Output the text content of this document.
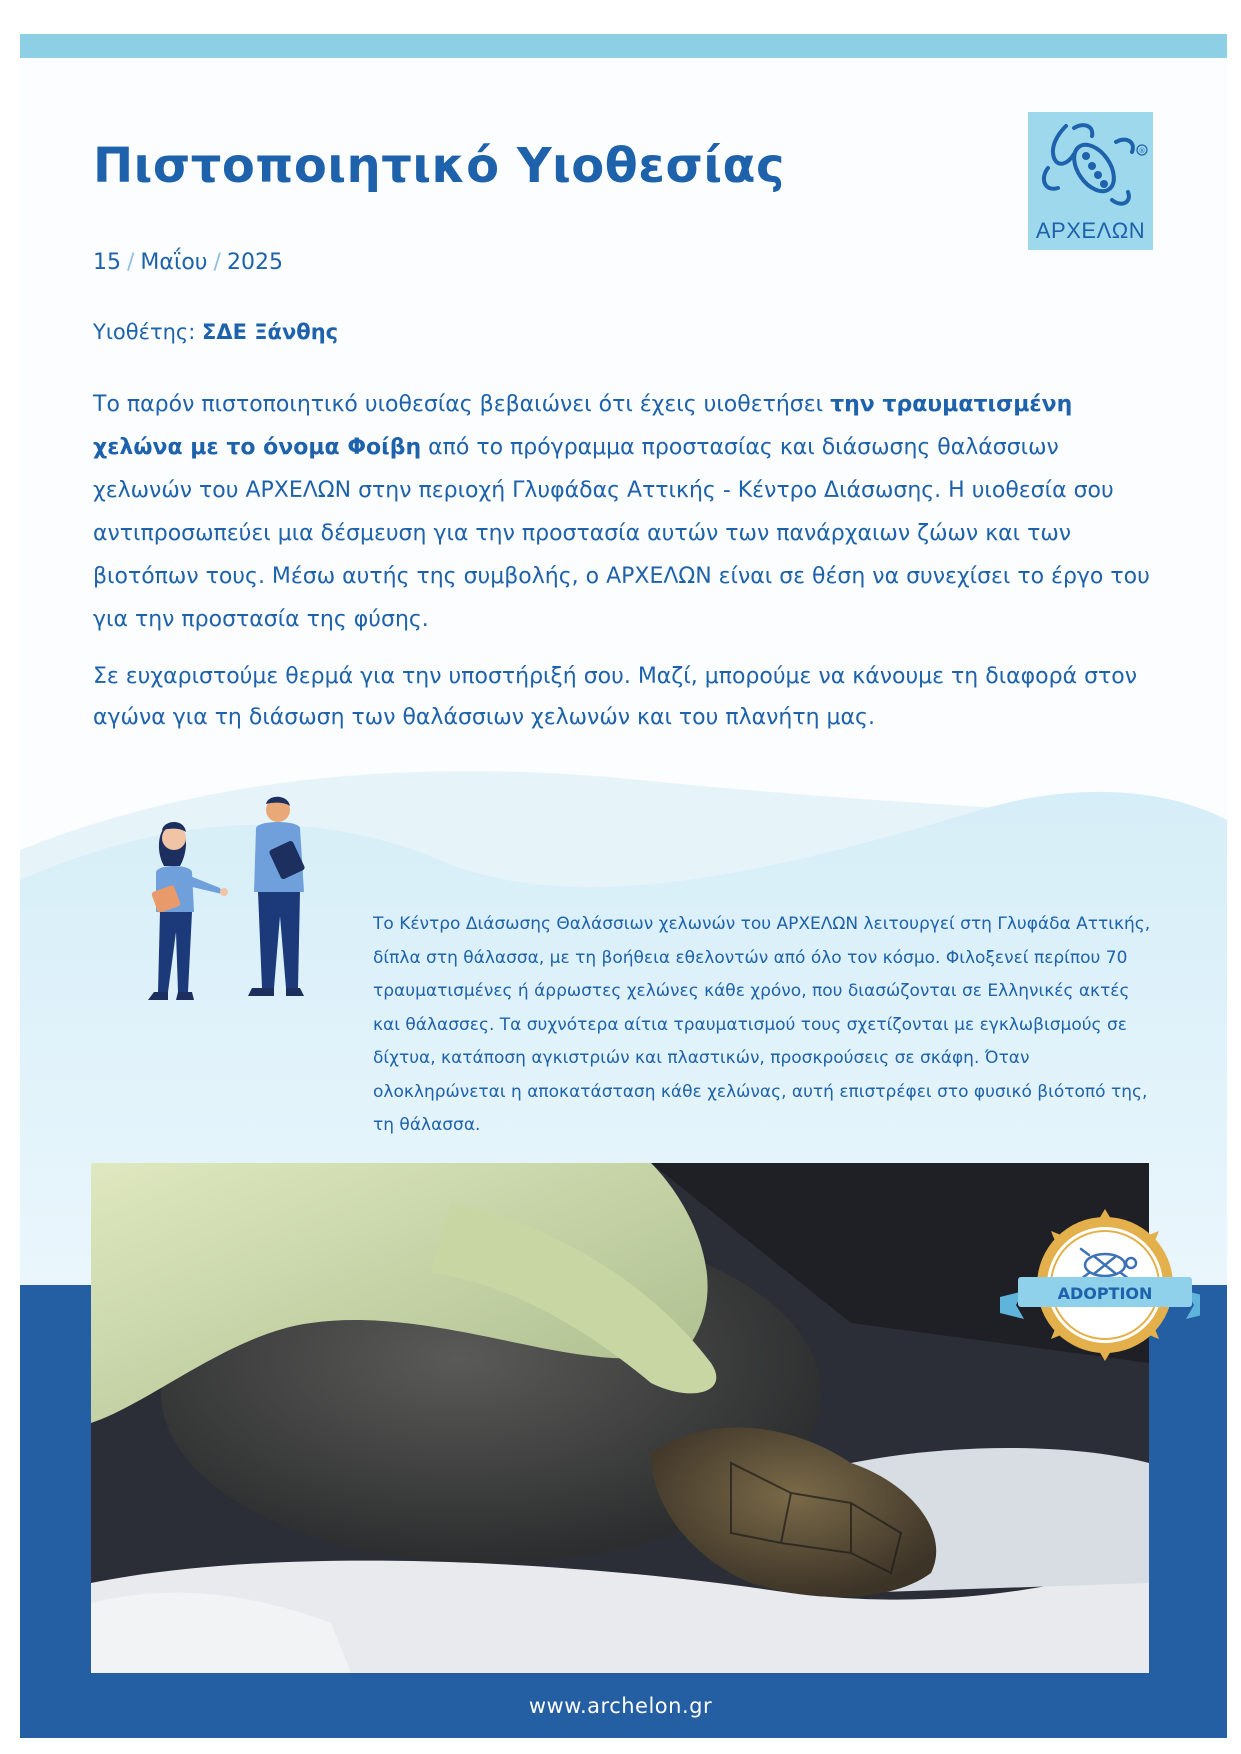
Πιστοποιητικό Υιοθεσίας	®
ΑΡΧΕΛΩΝ
15 / Μαΐου / 2025
Υιοθέτης: ΣΔΕ Ξάνθης

Το παρόν πιστοποιητικό υιοθεσίας βεβαιώνει ότι έχεις υιοθετήσει την τραυματισμένη χελώνα με το όνομα Φοίβη από το πρόγραμμα προστασίας και διάσωσης θαλάσσιων χελωνών του ΑΡΧΕΛΩΝ στην περιοχή Γλυφάδας Αττικής - Κέντρο Διάσωσης. Η υιοθεσία σου αντιπροσωπεύει μια δέσμευση για την προστασία αυτών των πανάρχαιων ζώων και των βιοτόπων τους. Μέσω αυτής της συμβολής, ο ΑΡΧΕΛΩΝ είναι σε θέση να συνεχίσει το έργο του για την προστασία της φύσης.

Σε ευχαριστούμε θερμά για την υποστήριξή σου. Μαζί, μπορούμε να κάνουμε τη διαφορά στον αγώνα για τη διάσωση των θαλάσσιων χελωνών και του πλανήτη μας.

Το Κέντρο Διάσωσης Θαλάσσιων χελωνών του ΑΡΧΕΛΩΝ λειτουργεί στη Γλυφάδα Αττικής, δίπλα στη θάλασσα, με τη βοήθεια εθελοντών από όλο τον κόσμο. Φιλοξενεί περίπου 70 τραυματισμένες ή άρρωστες χελώνες κάθε χρόνο, που διασώζονται σε Ελληνικές ακτές και θάλασσες. Τα συχνότερα αίτια τραυματισμού τους σχετίζονται με εγκλωβισμούς σε δίχτυα, κατάποση αγκιστριών και πλαστικών, προσκρούσεις σε σκάφη. Όταν ολοκληρώνεται η αποκατάσταση κάθε χελώνας, αυτή επιστρέφει στο φυσικό βιότοπό της, τη θάλασσα.

ADOPTION
www.archelon.gr
